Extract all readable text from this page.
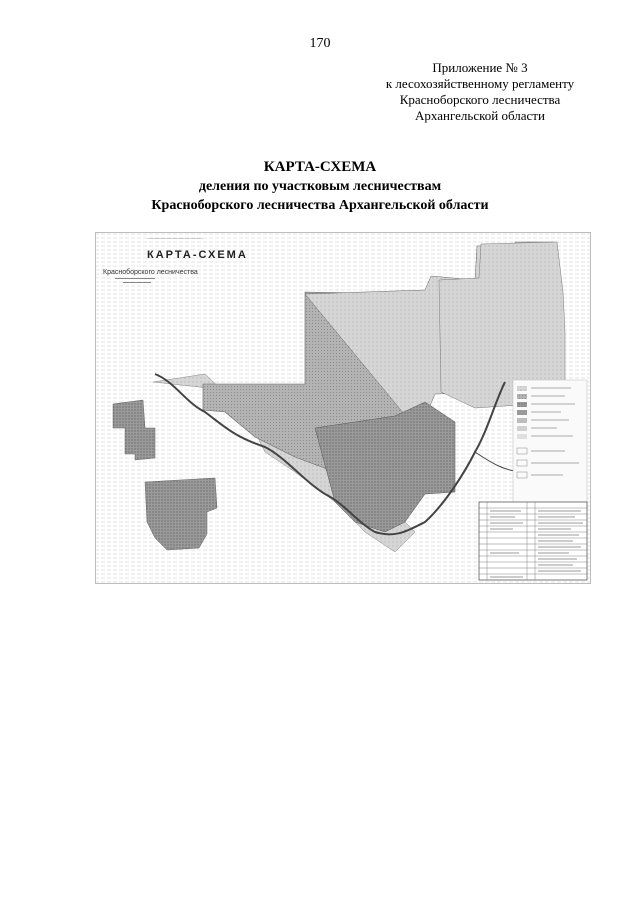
170
Приложение № 3
к лесохозяйственному регламенту
Красноборского лесничества
Архангельской области
КАРТА-СХЕМА
деления по участковым лесничествам
Красноборского лесничества Архангельской области
~~~~~~~~~~~~~~~~~~~~~~~~
КАРТА-СХЕМА
Красноборского лесничества
